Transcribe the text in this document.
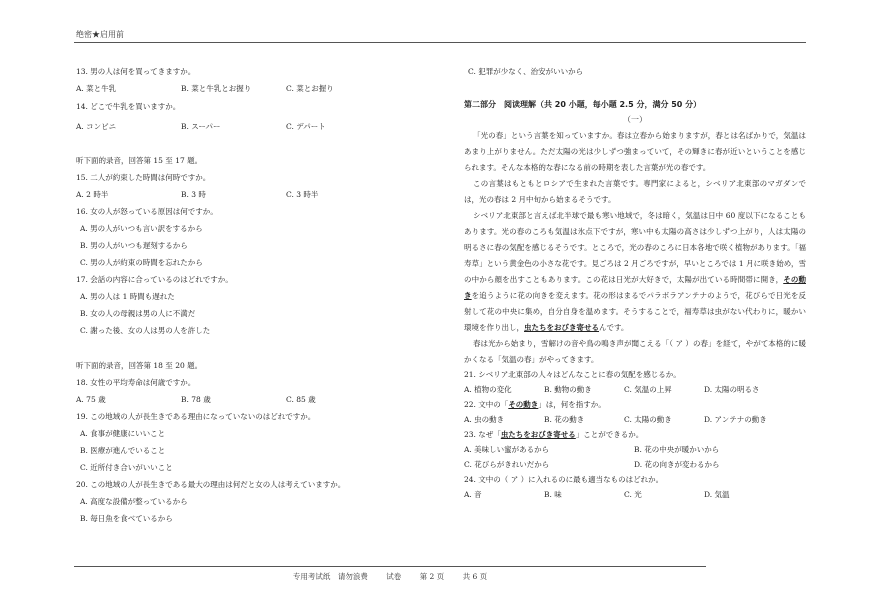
绝密★启用前

13. 男の人は何を買ってきますか。

A. 菜と牛乳	B. 菜と牛乳とお握り	C. 菜とお握り

14. どこで牛乳を買いますか。

A. コンビニ	B. スーパー	C. デパート

听下面的录音，回答第 15 至 17 题。

15. 二人が約束した時間は何時ですか。

A. 2 時半	B. 3 時	C. 3 時半

16. 女の人が怒っている原因は何ですか。

A. 男の人がいつも言い訳をするから

B. 男の人がいつも遅刻するから

C. 男の人が約束の時間を忘れたから

17. 会話の内容に合っているのはどれですか。

A. 男の人は 1 時間も遅れた

B. 女の人の母親は男の人に不満だ

C. 謝った後、女の人は男の人を許した

听下面的录音，回答第 18 至 20 题。

18. 女性の平均寿命は何歳ですか。

A. 75 歳	B. 78 歳	C. 85 歳

19. この地域の人が長生きである理由になっていないのはどれですか。

A. 食事が健康にいいこと

B. 医療が進んでいること

C. 近所付き合いがいいこと

20. この地域の人が長生きである最大の理由は何だと女の人は考えていますか。

A. 高度な設備が整っているから

B. 毎日魚を食べているから

C. 犯罪が少なく、治安がいいから

第二部分　阅读理解（共 20 小题，每小题 2.5 分，满分 50 分）

（一）

「光の春」という言葉を知っていますか。春は立春から始まりますが，春とは名ばかりで，気温はあまり上がりません。ただ太陽の光は少しずつ強まっていて，その輝きに春が近いということを感じられます。そんな本格的な春になる前の時期を表した言葉が光の春です。

この言葉はもともとロシアで生まれた言葉です。専門家によると，シベリア北東部のマガダンでは，光の春は 2 月中旬から始まるそうです。

シベリア北東部と言えば北半球で最も寒い地域で，冬は暗く，気温は日中 60 度以下になることもあります。光の春のころも気温は氷点下ですが，寒い中も太陽の高さは少しずつ上がり，人は太陽の明るさに春の気配を感じるそうです。ところで，光の春のころに日本各地で咲く植物があります。「福寿草」という黄金色の小さな花です。見ごろは 2 月ごろですが，早いところでは 1 月に咲き始め，雪の中から顔を出すこともあります。この花は日光が大好きで，太陽が出ている時間帯に開き，その動きを追うように花の向きを変えます。花の形はまるでパラボラアンテナのようで，花びらで日光を反射して花の中央に集め，自分自身を温めます。そうすることで，福寿草は虫がない代わりに，暖かい環境を作り出し，虫たちをおびき寄せるんです。

春は光から始まり，雪解けの音や鳥の鳴き声が聞こえる「（ ア ）の春」を経て，やがて本格的に暖かくなる「気温の春」がやってきます。

21. シベリア北東部の人々はどんなことに春の気配を感じるか。

A. 植物の変化	B. 動物の動き	C. 気温の上昇	D. 太陽の明るさ

22. 文中の「その動き」は，何を指すか。

A. 虫の動き	B. 花の動き	C. 太陽の動き	D. アンテナの動き

23. なぜ「虫たちをおびき寄せる」ことができるか。

A. 美味しい蜜があるから	B. 花の中央が暖かいから
C. 花びらがきれいだから	D. 花の向きが変わるから

24. 文中の（ ア ）に入れるのに最も適当なものはどれか。

A. 音	B. 味	C. 光	D. 気温
专用考试纸　请勿浪费 试卷 第 2 页 共 6 页
